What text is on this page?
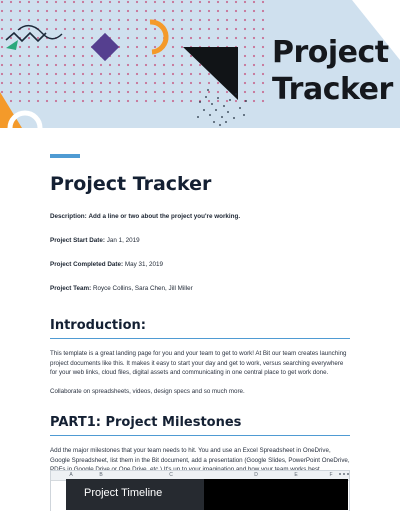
Project
Tracker
Project Tracker
Description: Add a line or two about the project you're working.
Project Start Date: Jan 1, 2019
Project Completed Date: May 31, 2019
Project Team: Royce Collins, Sara Chen, Jill Miller
Introduction:
This template is a great landing page for you and your team to get to work! At Bit our team creates launching project documents like this. It makes it easy to start your day and get to work, versus searching everywhere for your web links, cloud files, digital assets and communicating in one central place to get work done.
Collaborate on spreadsheets, videos, design specs and so much more.
PART1: Project Milestones
Add the major milestones that your team needs to hit. You and use an Excel Spreadsheet in OneDrive, Google Spreadsheet, list them in the Bit document, add a presentation (Google Slides, PowerPoint OneDrive,
A	B	C	D	E	F
Project Timeline
